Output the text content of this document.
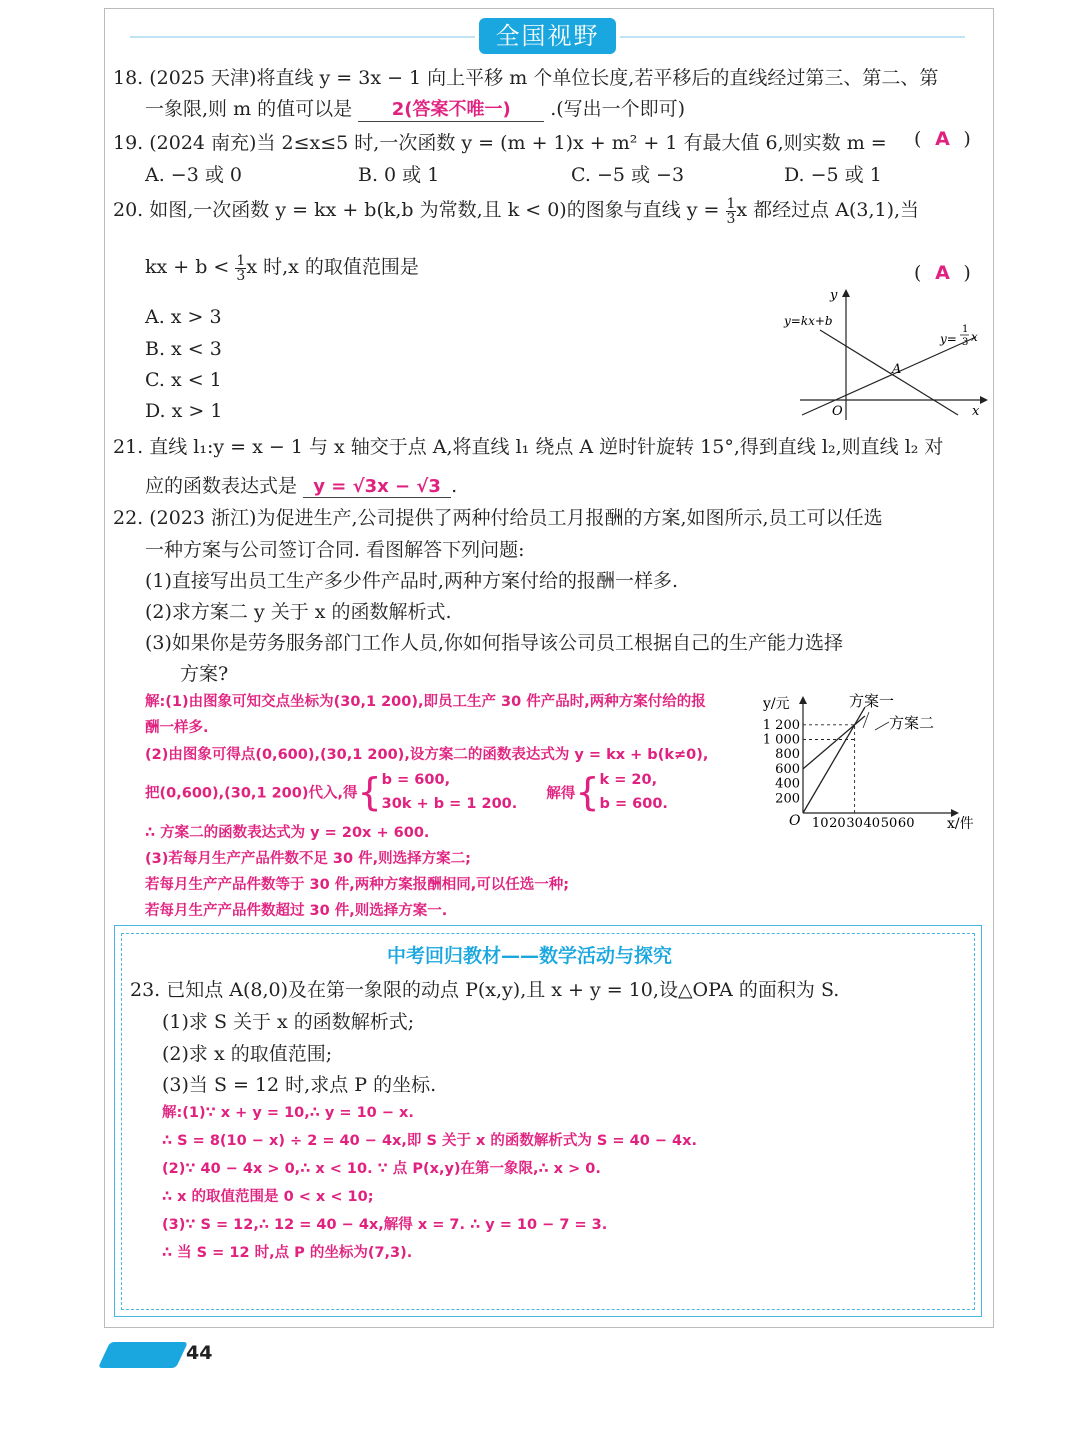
全国视野
18. (2025 天津)将直线 y = 3x − 1 向上平移 m 个单位长度,若平移后的直线经过第三、第二、第
一象限,则 m 的值可以是 2(答案不唯一) .(写出一个即可)
19. (2024 南充)当 2≤x≤5 时,一次函数 y = (m + 1)x + m² + 1 有最大值 6,则实数 m = ( A )
A. −3 或 0	B. 0 或 1	C. −5 或 −3	D. −5 或 1
20. 如图,一次函数 y = kx + b(k,b 为常数,且 k < 0)的图象与直线 $y = \frac{1}{3}$ x 都经过点 A(3,1),当
kx + $b < \frac{1}{3}$ x 时,x 的取值范围是	( A )
A. x > 3
B. x < 3
C. x < 1
D. x > 1
y
x
O
A
y=kx+b
y=
1
3 x
21. 直线 l₁:y = x − 1 与 x 轴交于点 A,将直线 l₁ 绕点 A 逆时针旋转 15°,得到直线 l₂,则直线 l₂ 对
应的函数表达式是 y = √3x − √3 .
22. (2023 浙江)为促进生产,公司提供了两种付给员工月报酬的方案,如图所示,员工可以任选
一种方案与公司签订合同. 看图解答下列问题:
(1)直接写出员工生产多少件产品时,两种方案付给的报酬一样多.
(2)求方案二 y 关于 x 的函数解析式.
(3)如果你是劳务服务部门工作人员,你如何指导该公司员工根据自己的生产能力选择
方案?
解:(1)由图象可知交点坐标为(30,1 200),即员工生产 30 件产品时,两种方案付给的报
酬一样多.
(2)由图象可得点(0,600),(30,1 200),设方案二的函数表达式为 y = kx + b(k≠0),
把(0,600),(30,1 200)代入,得{ b = 600,
30k + b = 1 200.
解得{ k = 20,
b = 600.
∴ 方案二的函数表达式为 y = 20x + 600.
(3)若每月生产产品件数不足 30 件,则选择方案二;
若每月生产产品件数等于 30 件,两种方案报酬相同,可以任选一种;
若每月生产产品件数超过 30 件,则选择方案一.
1 200
1 000
800
600
400
200
10 20 30 40 50 60
y/元
x/件
O
方案一
方案二
中考回归教材——数学活动与探究
23. 已知点 A(8,0)及在第一象限的动点 P(x,y),且 x + y = 10,设△OPA 的面积为 S.
(1)求 S 关于 x 的函数解析式;
(2)求 x 的取值范围;
(3)当 S = 12 时,求点 P 的坐标.
解:(1)∵ x + y = 10,∴ y = 10 − x.
∴ S = 8(10 − x) ÷ 2 = 40 − 4x,即 S 关于 x 的函数解析式为 S = 40 − 4x.
(2)∵ 40 − 4x > 0,∴ x < 10. ∵ 点 P(x,y)在第一象限,∴ x > 0.
∴ x 的取值范围是 0 < x < 10;
(3)∵ S = 12,∴ 12 = 40 − 4x,解得 x = 7. ∴ y = 10 − 7 = 3.
∴ 当 S = 12 时,点 P 的坐标为(7,3).
44
